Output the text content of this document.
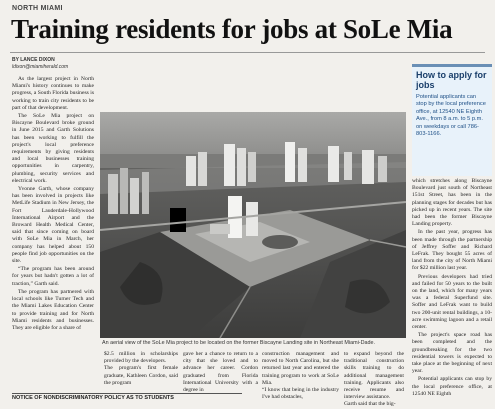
NORTH MIAMI
Training residents for jobs at SoLe Mia
BY LANCE DIXON
ldixon@miamiherald.com

As the largest project in North Miami's history continues to make progress, a South Florida business is working to train city residents to be part of that development.

The SoLe Mia project on Biscayne Boulevard broke ground in June 2015 and Garth Solutions has been working to fulfill the project's local preference requirements by giving residents and local businesses training opportunities in carpentry, plumbing, security services and electrical work.

Yvonne Garth, whose company has been involved in projects like MetLife Stadium in New Jersey, the Fort Lauderdale-Hollywood International Airport and the Broward Health Medical Center, said that since coming on board with SoLe Mia in March, her company has helped about 150 people find job opportunities on the site.

“The program has been around for years but hadn't gotten a lot of traction,” Garth said.

The program has partnered with local schools like Turner Tech and the Miami Lakes Education Center to provide training and for North Miami residents and businesses. They are eligible for a share of

An aerial view of the SoLe Mia project to be located on the former Biscayne Landing site in Northeast Miami-Dade.
$2.5 million in scholarships provided by the developers.
The program's first female graduate, Kathleen Cordon, said the program
gave her a chance to return to a city that she loved and to advance her career. Cordon graduated from Florida International University with a degree in
construction management and moved to North Carolina, but she returned last year and entered the training program to work at SoLe Mia.
“I know that being in the industry I've had obstacles,
to expand beyond the traditional construction skills training to do additional management training. Applicants also receive resume and interview assistance.
Garth said that the big-
How to apply for jobs
Potential applicants can stop by the local preference office, at 12540 NE Eighth Ave., from 8 a.m. to 5 p.m. on weekdays or call 786-803-1166.

which stretches along Biscayne Boulevard just south of Northeast 151st Street, has been in the planning stages for decades but has picked up in recent years. The site had been the former Biscayne Landing property.

In the past year, progress has been made through the partnership of Jeffrey Soffer and Richard LeFrak. They bought 55 acres of land from the city of North Miami for $22 million last year.

Previous developers had tried and failed for 50 years to the built on the land, which for many years was a federal Superfund site. Soffer and LeFrak want to build two 200-unit rental buildings, a 10-acre swimming lagoon and a retail center.

The project's space road has been completed and the groundbreaking for the two residential towers is expected to take place at the beginning of next year.

Potential applicants can stop by the local preference office, at 12540 NE Eighth

NOTICE OF NONDISCRIMINATORY POLICY AS TO STUDENTS
